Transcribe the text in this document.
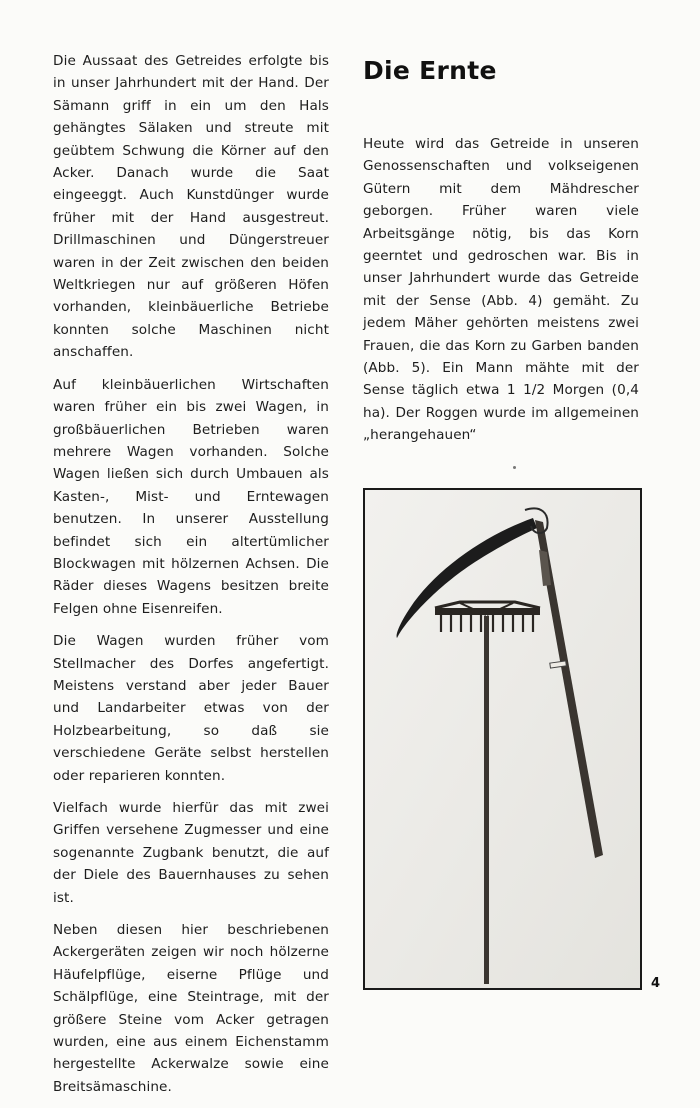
Die Aussaat des Getreides erfolgte bis in unser Jahrhundert mit der Hand. Der Sämann griff in ein um den Hals gehängtes Sälaken und streute mit geübtem Schwung die Körner auf den Acker. Danach wurde die Saat eingeeggt. Auch Kunstdünger wurde früher mit der Hand ausgestreut. Drillmaschinen und Düngerstreuer waren in der Zeit zwischen den beiden Weltkriegen nur auf größeren Höfen vorhanden, kleinbäuerliche Betriebe konnten solche Maschinen nicht anschaffen.

Auf kleinbäuerlichen Wirtschaften waren früher ein bis zwei Wagen, in großbäuerlichen Betrieben waren mehrere Wagen vorhanden. Solche Wagen ließen sich durch Umbauen als Kasten-, Mist- und Erntewagen benutzen. In unserer Ausstellung befindet sich ein altertümlicher Blockwagen mit hölzernen Achsen. Die Räder dieses Wagens besitzen breite Felgen ohne Eisenreifen.

Die Wagen wurden früher vom Stellmacher des Dorfes angefertigt. Meistens verstand aber jeder Bauer und Landarbeiter etwas von der Holzbearbeitung, so daß sie verschiedene Geräte selbst herstellen oder reparieren konnten.

Vielfach wurde hierfür das mit zwei Griffen versehene Zugmesser und eine sogenannte Zugbank benutzt, die auf der Diele des Bauernhauses zu sehen ist.

Neben diesen hier beschriebenen Ackergeräten zeigen wir noch hölzerne Häufelpflüge, eiserne Pflüge und Schälpflüge, eine Steintrage, mit der größere Steine vom Acker getragen wurden, eine aus einem Eichenstamm hergestellte Ackerwalze sowie eine Breitsämaschine.

Die Ernte

Heute wird das Getreide in unseren Genossenschaften und volkseigenen Gütern mit dem Mähdrescher geborgen. Früher waren viele Arbeitsgänge nötig, bis das Korn geerntet und gedroschen war. Bis in unser Jahrhundert wurde das Getreide mit der Sense (Abb. 4) gemäht. Zu jedem Mäher gehörten meistens zwei Frauen, die das Korn zu Garben banden (Abb. 5). Ein Mann mähte mit der Sense täglich etwa 1 1/2 Morgen (0,4 ha). Der Roggen wurde im allgemeinen „herangehauen“

4
